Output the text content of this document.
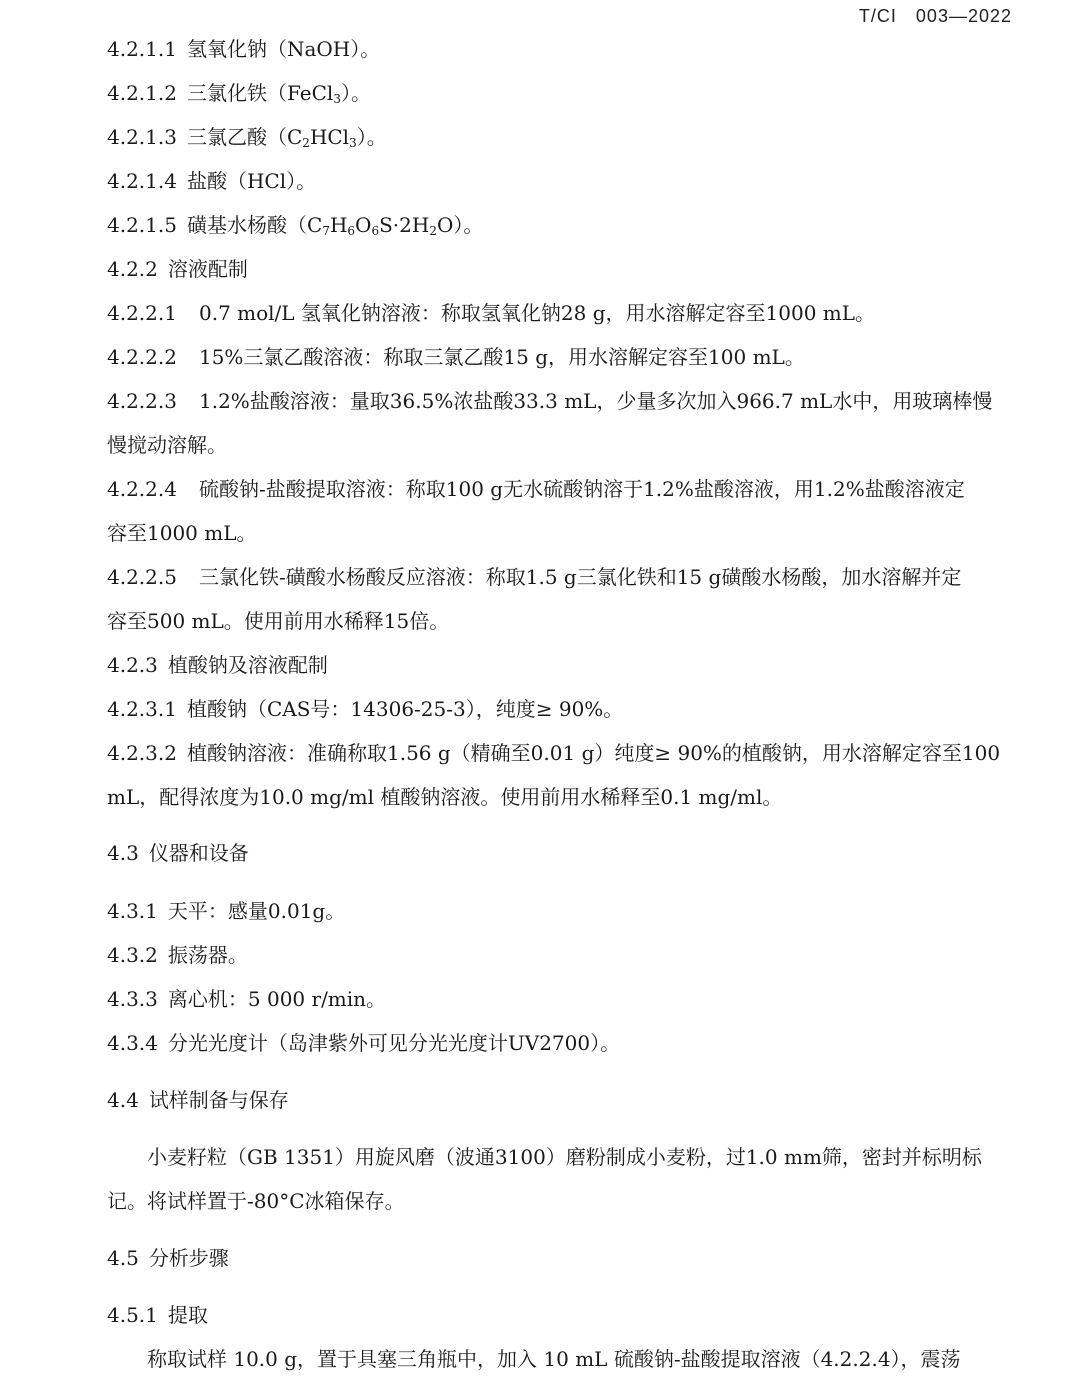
T/CI　003—2022
4.2.1.1 氢氧化钠（NaOH）。
4.2.1.2 三氯化铁（FeCl$_3$）。
4.2.1.3 三氯乙酸$(C_2HCl_3)$。
4.2.1.4 盐酸（HCl）。
4.2.1.5 磺基水杨酸$(C_7H_6O_6S\cdot 2H_2O)$。
4.2.2 溶液配制
4.2.2.1 0.7 mol/L 氢氧化钠溶液：称取氢氧化钠28 g，用水溶解定容至1000 mL。
4.2.2.2 15%三氯乙酸溶液：称取三氯乙酸15 g，用水溶解定容至100 mL。
4.2.2.3 1.2%盐酸溶液：量取36.5%浓盐酸33.3 mL，少量多次加入966.7 mL水中，用玻璃棒慢
慢搅动溶解。
4.2.2.4 硫酸钠-盐酸提取溶液：称取100 g无水硫酸钠溶于1.2%盐酸溶液，用1.2%盐酸溶液定
容至1000 mL。
4.2.2.5 三氯化铁-磺酸水杨酸反应溶液：称取1.5 g三氯化铁和15 g磺酸水杨酸，加水溶解并定
容至500 mL。使用前用水稀释15倍。
4.2.3 植酸钠及溶液配制
4.2.3.1 植酸钠（CAS号：14306-25-3），纯度≥ 90%。
4.2.3.2 植酸钠溶液：准确称取1.56 g（精确至0.01 g）纯度≥ 90%的植酸钠，用水溶解定容至100
mL，配得浓度为10.0 mg/ml 植酸钠溶液。使用前用水稀释至0.1 mg/ml。
4.3 仪器和设备
4.3.1 天平：感量0.01g。
4.3.2 振荡器。
4.3.3 离心机：5 000 r/min。
4.3.4 分光光度计（岛津紫外可见分光光度计UV2700）。
4.4 试样制备与保存
小麦籽粒（GB 1351）用旋风磨（波通3100）磨粉制成小麦粉，过1.0 mm筛，密封并标明标
记。将试样置于-80°C冰箱保存。
4.5 分析步骤
4.5.1 提取
称取试样 10.0 g，置于具塞三角瓶中，加入 10 mL 硫酸钠-盐酸提取溶液（4.2.2.4），震荡
